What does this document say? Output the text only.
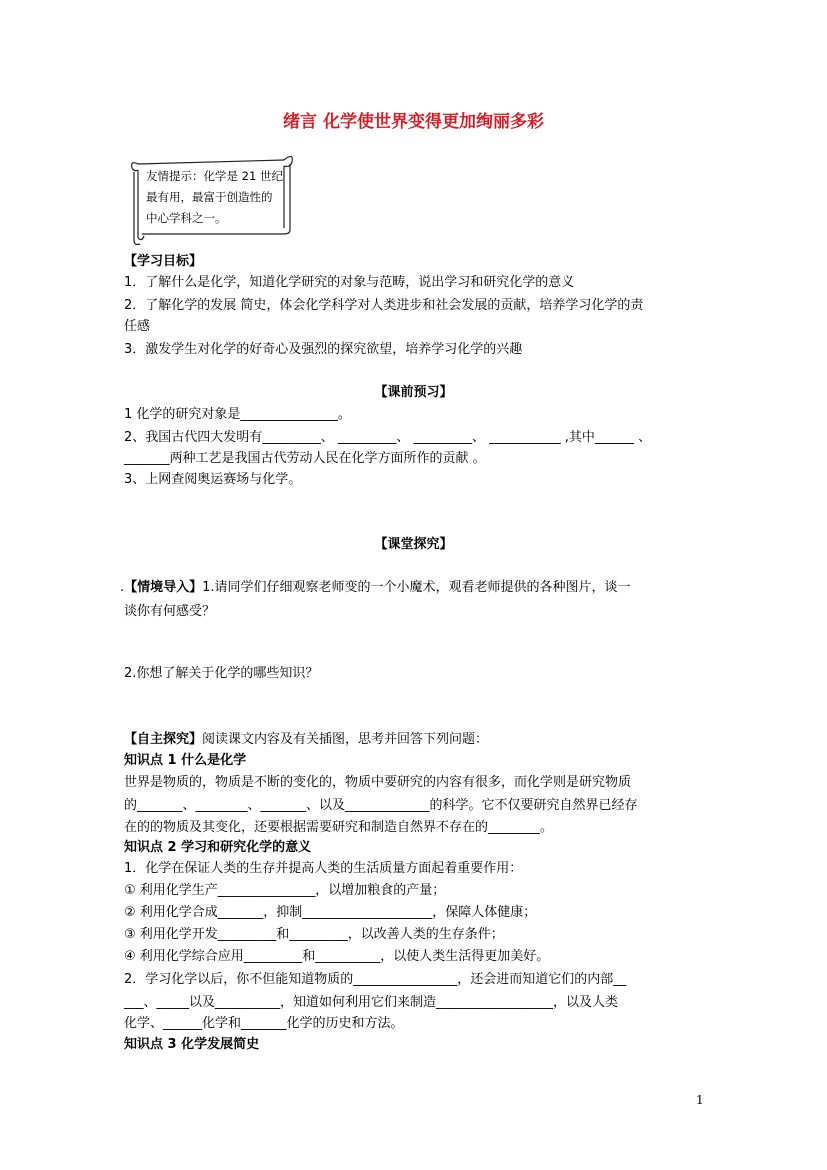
绪言 化学使世界变得更加绚丽多彩
友情提示：化学是 21 世纪
最有用，最富于创造性的
中心学科之一。
【学习目标】
1．了解什么是化学，知道化学研究的对象与范畴，说出学习和研究化学的意义
2．了解化学的发展 简史，体会化学科学对人类进步和社会发展的贡献，培养学习化学的责
任感
3．激发学生对化学的好奇心及强烈的探究欲望，培养学习化学的兴趣
【课前预习】
1 化学的研究对象是_______________。
2、我国古代四大发明有_________、 _________、 _________、 ___________ ,其中______ 、
_______两种工艺是我国古代劳动人民在化学方面所作的贡献 。
3、上网查阅奥运赛场与化学。
【课堂探究】
.【情境导入】1.请同学们仔细观察老师变的一个小魔术，观看老师提供的各种图片，谈一
谈你有何感受？
2.你想了解关于化学的哪些知识？
【自主探究】阅读课文内容及有关插图，思考并回答下列问题：
知识点 1 什么是化学
世界是物质的，物质是不断的变化的，物质中要研究的内容有很多，而化学则是研究物质
的_______、________、_______、以及_____________的科学。它不仅要研究自然界已经存
在的的物质及其变化，还要根据需要研究和制造自然界不存在的________。
知识点 2 学习和研究化学的意义
1．化学在保证人类的生存并提高人类的生活质量方面起着重要作用：
① 利用化学生产_______________，以增加粮食的产量；
② 利用化学合成_______，抑制____________________，保障人体健康；
③ 利用化学开发_________和_________，以改善人类的生存条件；
④ 利用化学综合应用_________和__________，以使人类生活得更加美好。
2．学习化学以后，你不但能知道物质的________________，还会进而知道它们的内部__
___、_____以及__________，知道如何利用它们来制造__________________，以及人类
化学、______化学和_______化学的历史和方法。
知识点 3 化学发展简史
1
